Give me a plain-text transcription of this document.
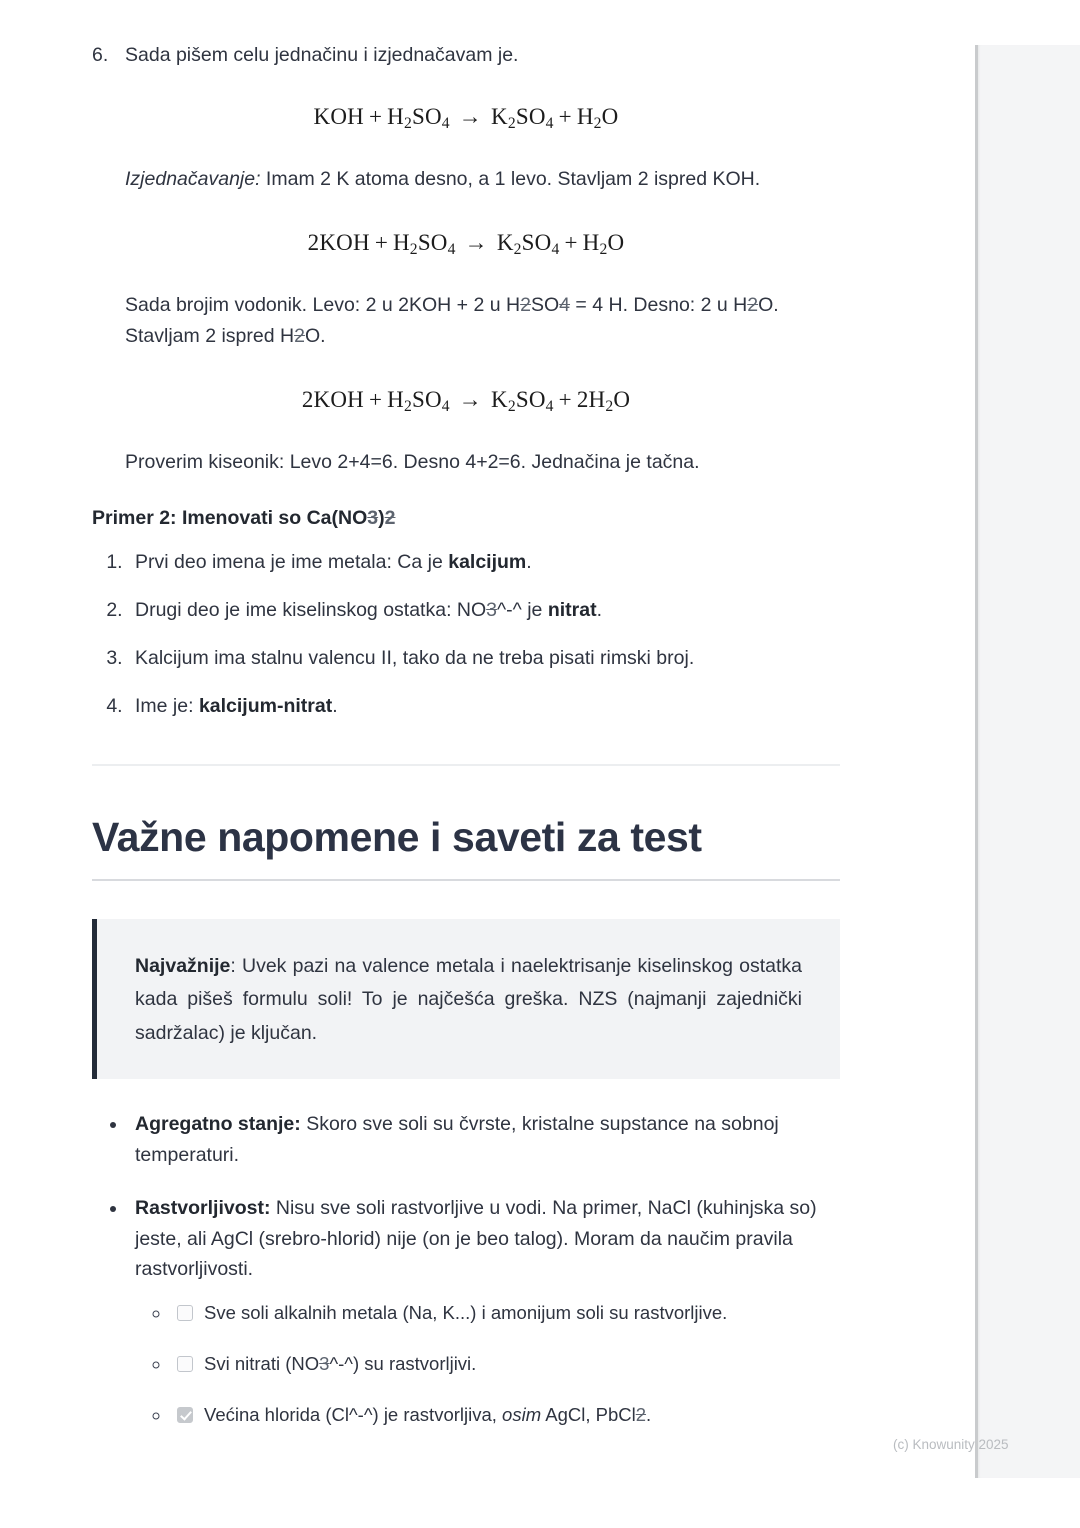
6. Sada pišem celu jednačinu i izjednačavam je.

KOH + $H_2SO_4 \to K_2SO_4 + H_2O$

Izjednačavanje: Imam 2 K atoma desno, a 1 levo. Stavljam 2 ispred KOH.

$2KOH + H_2SO_4 \to K_2SO_4 + H_2O$

Sada brojim vodonik. Levo: 2 u 2KOH + 2 u H2SO4 = 4 H. Desno: 2 u H2O. Stavljam 2 ispred H2O.

$2KOH + H_2SO_4 \to K_2SO_4 + 2H_2O$

Proverim kiseonik: Levo 2+4=6. Desno 4+2=6. Jednačina je tačna.

Primer 2: Imenovati so Ca(NO3)2
1. Prvi deo imena je ime metala: Ca je kalcijum.
2. Drugi deo je ime kiselinskog ostatka: NO3^-^ je nitrat.
3. Kalcijum ima stalnu valencu II, tako da ne treba pisati rimski broj.
4. Ime je: kalcijum-nitrat.
Važne napomene i saveti za test

Najvažnije: Uvek pazi na valence metala i naelektrisanje kiselinskog ostatka kada pišeš formulu soli! To je najčešća greška. NZS (najmanji zajednički sadržalac) je ključan.

• Agregatno stanje: Skoro sve soli su čvrste, kristalne supstance na sobnoj temperaturi.
• Rastvorljivost: Nisu sve soli rastvorljive u vodi. Na primer, NaCl (kuhinjska so) jeste, ali AgCl (srebro-hlorid) nije (on je beo talog). Moram da naučim pravila rastvorljivosti.
◦ Sve soli alkalnih metala (Na, K...) i amonijum soli su rastvorljive.
◦ Svi nitrati (NO3^-^) su rastvorljivi.
◦ Većina hlorida (Cl^-^) je rastvorljiva, osim AgCl, PbCl2.
(c) Knowunity 2025
